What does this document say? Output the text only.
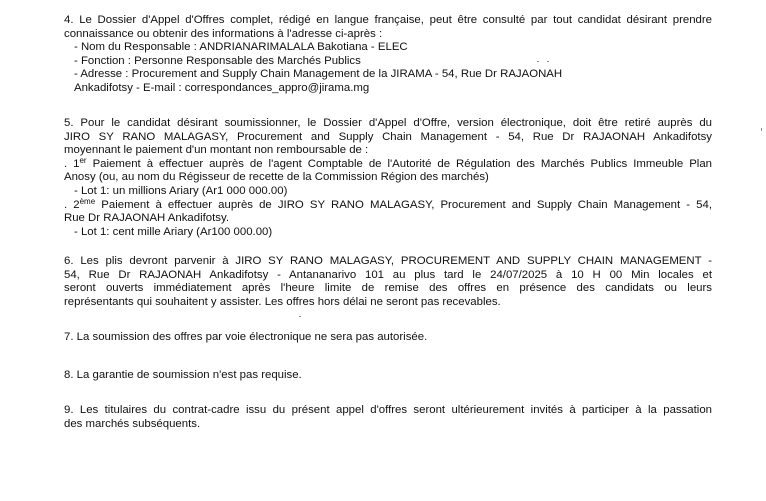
4. Le Dossier d'Appel d'Offres complet, rédigé en langue française, peut être consulté par tout candidat désirant prendre
connaissance ou obtenir des informations à l'adresse ci-après :
- Nom du Responsable : ANDRIANARIMALALA Bakotiana - ELEC
- Fonction : Personne Responsable des Marchés Publics
- Adresse : Procurement and Supply Chain Management de la JIRAMA - 54, Rue Dr RAJAONAH
Ankadifotsy - E-mail : correspondances_appro@jirama.mg
5. Pour le candidat désirant soumissionner, le Dossier d'Appel d'Offre, version électronique, doit être retiré auprès du
JIRO SY RANO MALAGASY, Procurement and Supply Chain Management - 54, Rue Dr RAJAONAH Ankadifotsy
moyennant le paiement d'un montant non remboursable de :
. 1er Paiement à effectuer auprès de l'agent Comptable de l'Autorité de Régulation des Marchés Publics Immeuble Plan
Anosy (ou, au nom du Régisseur de recette de la Commission Région des marchés)
- Lot 1: un millions Ariary (Ar1 000 000.00)
. 2ème Paiement à effectuer auprès de JIRO SY RANO MALAGASY, Procurement and Supply Chain Management - 54,
Rue Dr RAJAONAH Ankadifotsy.
- Lot 1: cent mille Ariary (Ar100 000.00)
6. Les plis devront parvenir à JIRO SY RANO MALAGASY, PROCUREMENT AND SUPPLY CHAIN MANAGEMENT -
54, Rue Dr RAJAONAH Ankadifotsy - Antananarivo 101 au plus tard le 24/07/2025 à 10 H 00 Min locales et
seront ouverts immédiatement après l'heure limite de remise des offres en présence des candidats ou leurs
représentants qui souhaitent y assister. Les offres hors délai ne seront pas recevables.
7. La soumission des offres par voie électronique ne sera pas autorisée.
8. La garantie de soumission n'est pas requise.
9. Les titulaires du contrat-cadre issu du présent appel d'offres seront ultérieurement invités à participer à la passation
des marchés subséquents.
